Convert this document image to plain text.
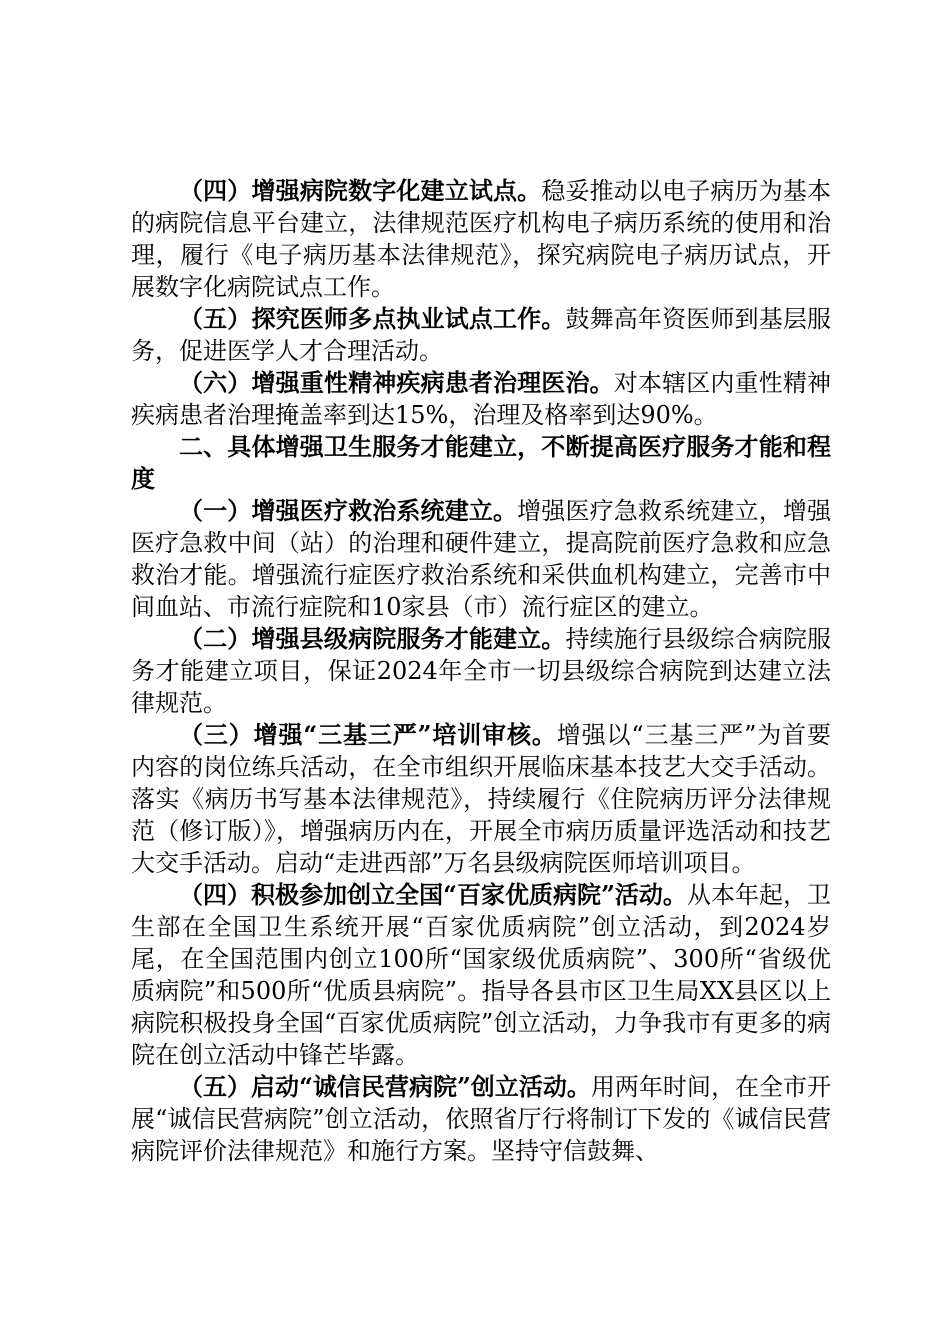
（四）增强病院数字化建立试点。稳妥推动以电子病历为基本的病院信息平台建立，法律规范医疗机构电子病历系统的使用和治理，履行《电子病历基本法律规范》，探究病院电子病历试点，开展数字化病院试点工作。

（五）探究医师多点执业试点工作。鼓舞高年资医师到基层服务，促进医学人才合理活动。

（六）增强重性精神疾病患者治理医治。对本辖区内重性精神疾病患者治理掩盖率到达15%，治理及格率到达90%。

二、具体增强卫生服务才能建立，不断提高医疗服务才能和程度

（一）增强医疗救治系统建立。增强医疗急救系统建立，增强医疗急救中间（站）的治理和硬件建立，提高院前医疗急救和应急救治才能。增强流行症医疗救治系统和采供血机构建立，完善市中间血站、市流行症院和10家县（市）流行症区的建立。

（二）增强县级病院服务才能建立。持续施行县级综合病院服务才能建立项目，保证2024年全市一切县级综合病院到达建立法律规范。

（三）增强“三基三严”培训审核。增强以“三基三严”为首要内容的岗位练兵活动，在全市组织开展临床基本技艺大交手活动。落实《病历书写基本法律规范》，持续履行《住院病历评分法律规范（修订版）》，增强病历内在，开展全市病历质量评选活动和技艺大交手活动。启动“走进西部”万名县级病院医师培训项目。

（四）积极参加创立全国“百家优质病院”活动。从本年起，卫生部在全国卫生系统开展“百家优质病院”创立活动，到2024岁尾，在全国范围内创立100所“国家级优质病院”、300所“省级优质病院”和500所“优质县病院”。指导各县市区卫生局XX县区以上病院积极投身全国“百家优质病院”创立活动，力争我市有更多的病院在创立活动中锋芒毕露。

（五）启动“诚信民营病院”创立活动。用两年时间，在全市开展“诚信民营病院”创立活动，依照省厅行将制订下发的《诚信民营病院评价法律规范》和施行方案。坚持守信鼓舞、
